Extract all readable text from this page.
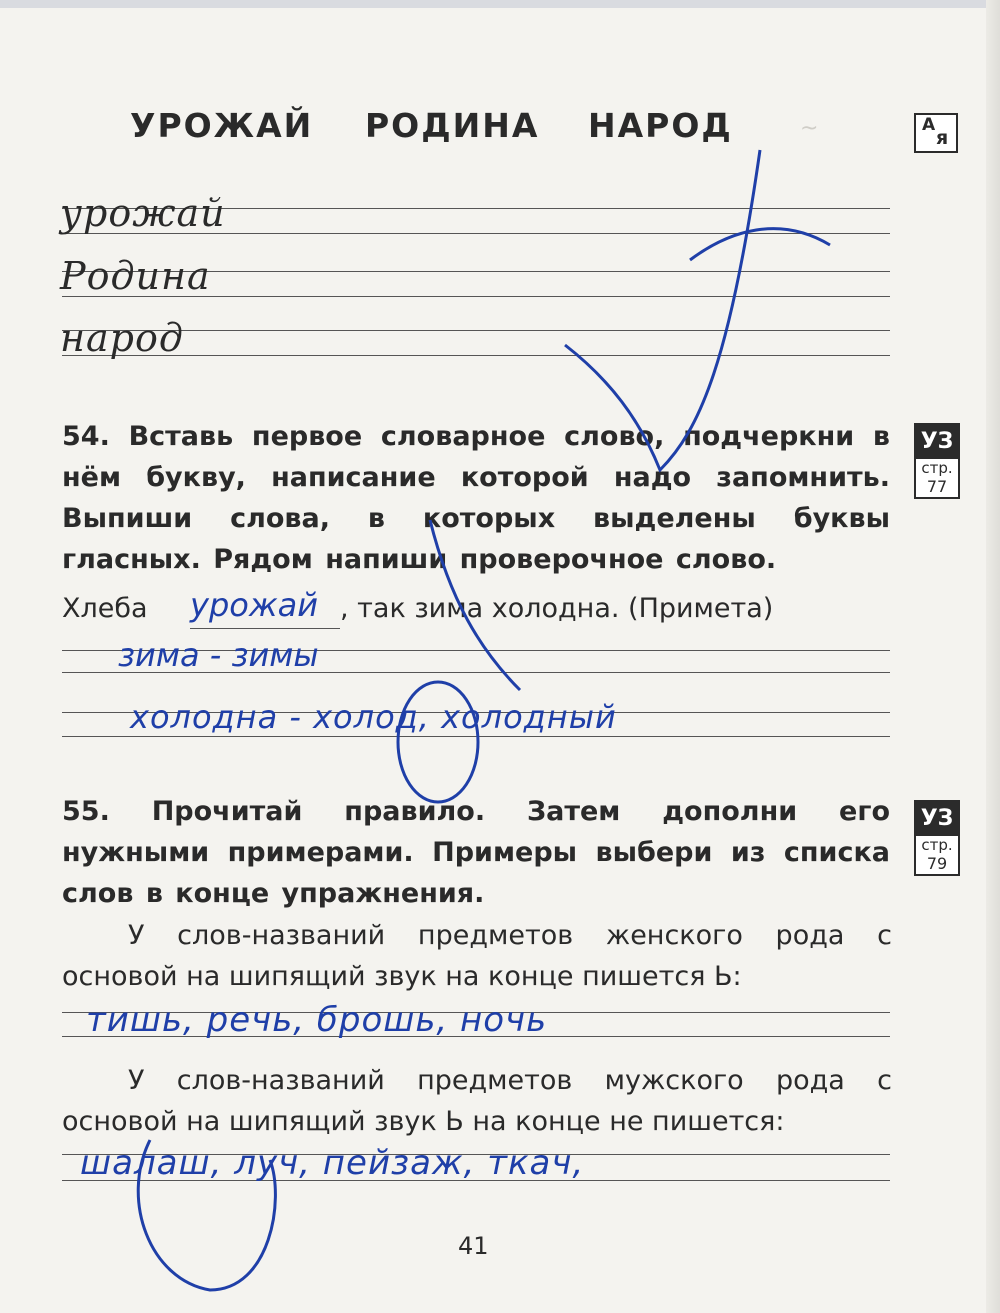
~
УРОЖАЙ РОДИНА НАРОД	А
я
урожай
Родина
народ
54. Вставь первое словарное слово, подчеркни в нём букву, написание которой надо запомнить. Выпиши слова, в которых выделены буквы гласных. Рядом напиши проверочное слово.
УЗ
стр.
77
Хлеба урожай , так зима холодна. (Примета)
зима - зимы
холодна - холод, холодный
55. Прочитай правило. Затем дополни его нужными примерами. Примеры выбери из списка слов в конце упражнения.
УЗ
стр.
79
У слов-названий предметов женского рода с основой на шипящий звук на конце пишется Ь:
тишь, речь, брошь, ночь
У слов-названий предметов мужского рода с основой на шипящий звук Ь на конце не пишется:
шалаш, луч, пейзаж, ткач,
41
